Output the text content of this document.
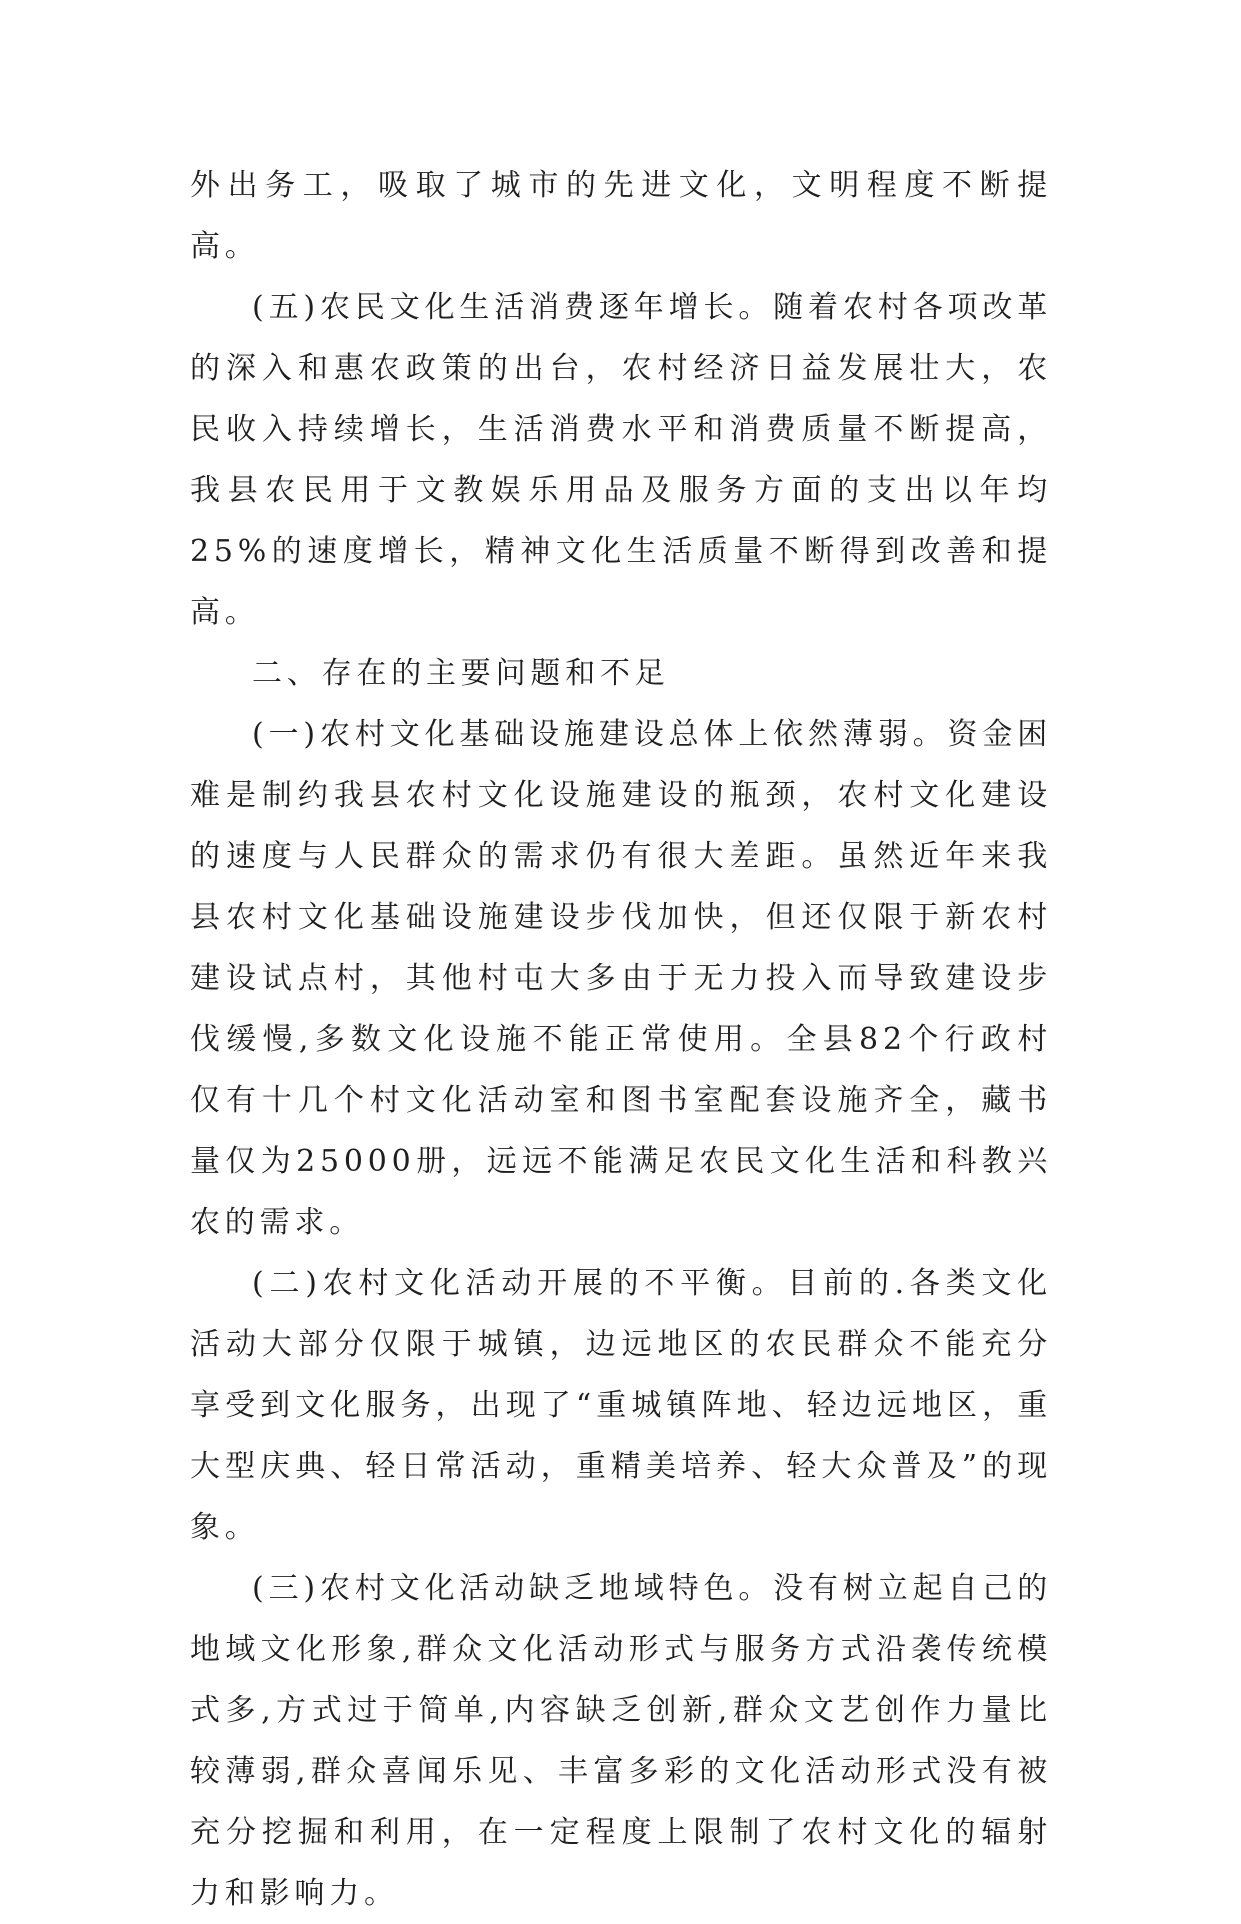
外出务工，吸取了城市的先进文化，文明程度不断提高。

(五)农民文化生活消费逐年增长。随着农村各项改革的深入和惠农政策的出台，农村经济日益发展壮大，农民收入持续增长，生活消费水平和消费质量不断提高，我县农民用于文教娱乐用品及服务方面的支出以年均25%的速度增长，精神文化生活质量不断得到改善和提高。

二、存在的主要问题和不足

(一)农村文化基础设施建设总体上依然薄弱。资金困难是制约我县农村文化设施建设的瓶颈，农村文化建设的速度与人民群众的需求仍有很大差距。虽然近年来我县农村文化基础设施建设步伐加快，但还仅限于新农村建设试点村，其他村屯大多由于无力投入而导致建设步伐缓慢,多数文化设施不能正常使用。全县82个行政村仅有十几个村文化活动室和图书室配套设施齐全，藏书量仅为25000册，远远不能满足农民文化生活和科教兴农的需求。

(二)农村文化活动开展的不平衡。目前的.各类文化活动大部分仅限于城镇，边远地区的农民群众不能充分享受到文化服务，出现了“重城镇阵地、轻边远地区，重大型庆典、轻日常活动，重精美培养、轻大众普及”的现象。

(三)农村文化活动缺乏地域特色。没有树立起自己的地域文化形象,群众文化活动形式与服务方式沿袭传统模式多,方式过于简单,内容缺乏创新,群众文艺创作力量比较薄弱,群众喜闻乐见、丰富多彩的文化活动形式没有被充分挖掘和利用，在一定程度上限制了农村文化的辐射力和影响力。
